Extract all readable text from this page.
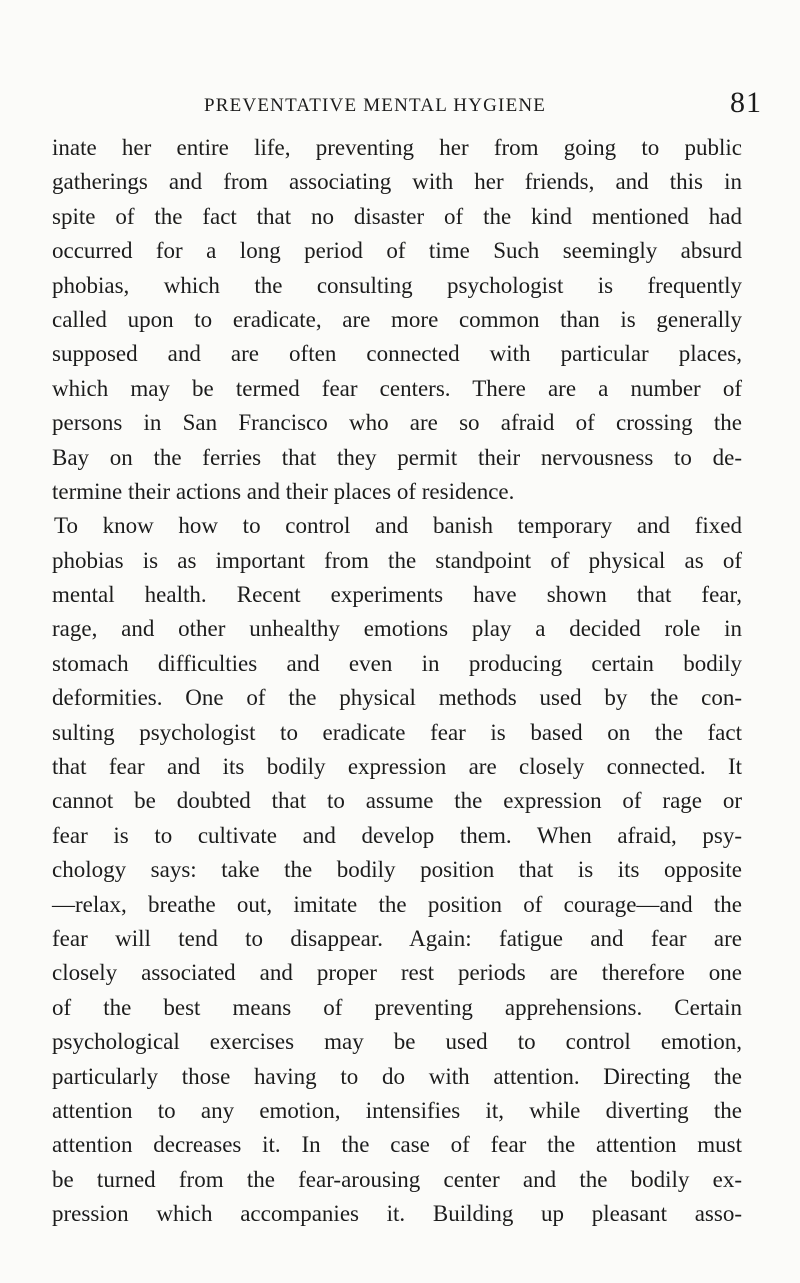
PREVENTATIVE MENTAL HYGIENE	81
inate her entire life, preventing her from going to public
gatherings and from associating with her friends, and this in
spite of the fact that no disaster of the kind mentioned had
occurred for a long period of time Such seemingly absurd
phobias, which the consulting psychologist is frequently
called upon to eradicate, are more common than is generally
supposed and are often connected with particular places,
which may be termed fear centers. There are a number of
persons in San Francisco who are so afraid of crossing the
Bay on the ferries that they permit their nervousness to de-
termine their actions and their places of residence.
To know how to control and banish temporary and fixed
phobias is as important from the standpoint of physical as of
mental health. Recent experiments have shown that fear,
rage, and other unhealthy emotions play a decided role in
stomach difficulties and even in producing certain bodily
deformities. One of the physical methods used by the con-
sulting psychologist to eradicate fear is based on the fact
that fear and its bodily expression are closely connected. It
cannot be doubted that to assume the expression of rage or
fear is to cultivate and develop them. When afraid, psy-
chology says: take the bodily position that is its opposite
—relax, breathe out, imitate the position of courage—and the
fear will tend to disappear. Again: fatigue and fear are
closely associated and proper rest periods are therefore one
of the best means of preventing apprehensions. Certain
psychological exercises may be used to control emotion,
particularly those having to do with attention. Directing the
attention to any emotion, intensifies it, while diverting the
attention decreases it. In the case of fear the attention must
be turned from the fear-arousing center and the bodily ex-
pression which accompanies it. Building up pleasant asso-
